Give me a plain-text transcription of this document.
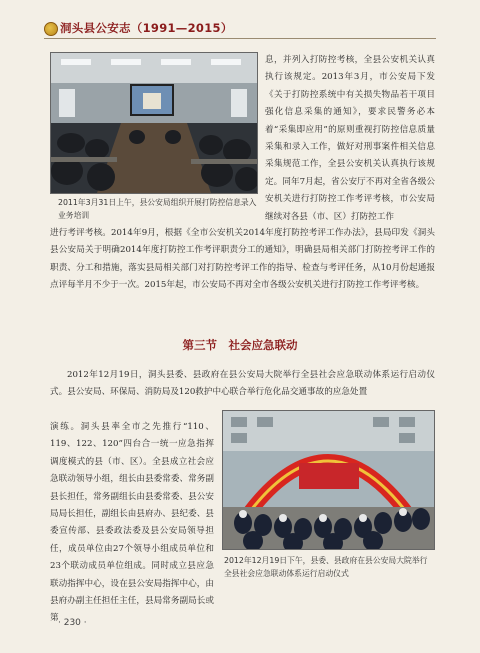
洞头县公安志（1991—2015）
2011年3月31日上午，县公安局组织开展打防控信息录入业务培训

息，并列入打防控考核，全县公安机关认真执行该规定。2013年3月，市公安局下发《关于打防控系统中有关损失物品若干项目强化信息采集的通知》，要求民警务必本着“采集即应用”的原则重视打防控信息质量采集和录入工作，做好对刑事案件相关信息采集规范工作，全县公安机关认真执行该规定。同年7月起，省公安厅不再对全省各级公安机关进行打防控工作考评考核，市公安局继续对各县（市、区）打防控工作

进行考评考核。2014年9月，根据《全市公安机关2014年度打防控考评工作办法》，县局印发《洞头县公安局关于明确2014年度打防控工作考评职责分工的通知》，明确县局相关部门打防控考评工作的职责、分工和措施，落实县局相关部门对打防控考评工作的指导、检查与考评任务，从10月份起通报点评每半月不少于一次。2015年起，市公安局不再对全市各级公安机关进行打防控工作考评考核。

第三节　社会应急联动

2012年12月19日，洞头县委、县政府在县公安局大院举行全县社会应急联动体系运行启动仪式。县公安局、环保局、消防局及120救护中心联合举行危化品交通事故的应急处置

2012年12月19日下午，县委、县政府在县公安局大院举行全县社会应急联动体系运行启动仪式

演练。洞头县率全市之先推行“110、119、122、120”四台合一统一应急指挥调度模式的县（市、区）。全县成立社会应急联动领导小组，组长由县委常委、常务副县长担任，常务副组长由县委常委、县公安局局长担任，副组长由县府办、县纪委、县委宣传部、县委政法委及县公安局领导担任，成员单位由27个领导小组成员单位和23个联动成员单位组成。同时成立县应急联动指挥中心，设在县公安局指挥中心，由县府办副主任担任主任，县局常务副局长或第 · 230 ·
